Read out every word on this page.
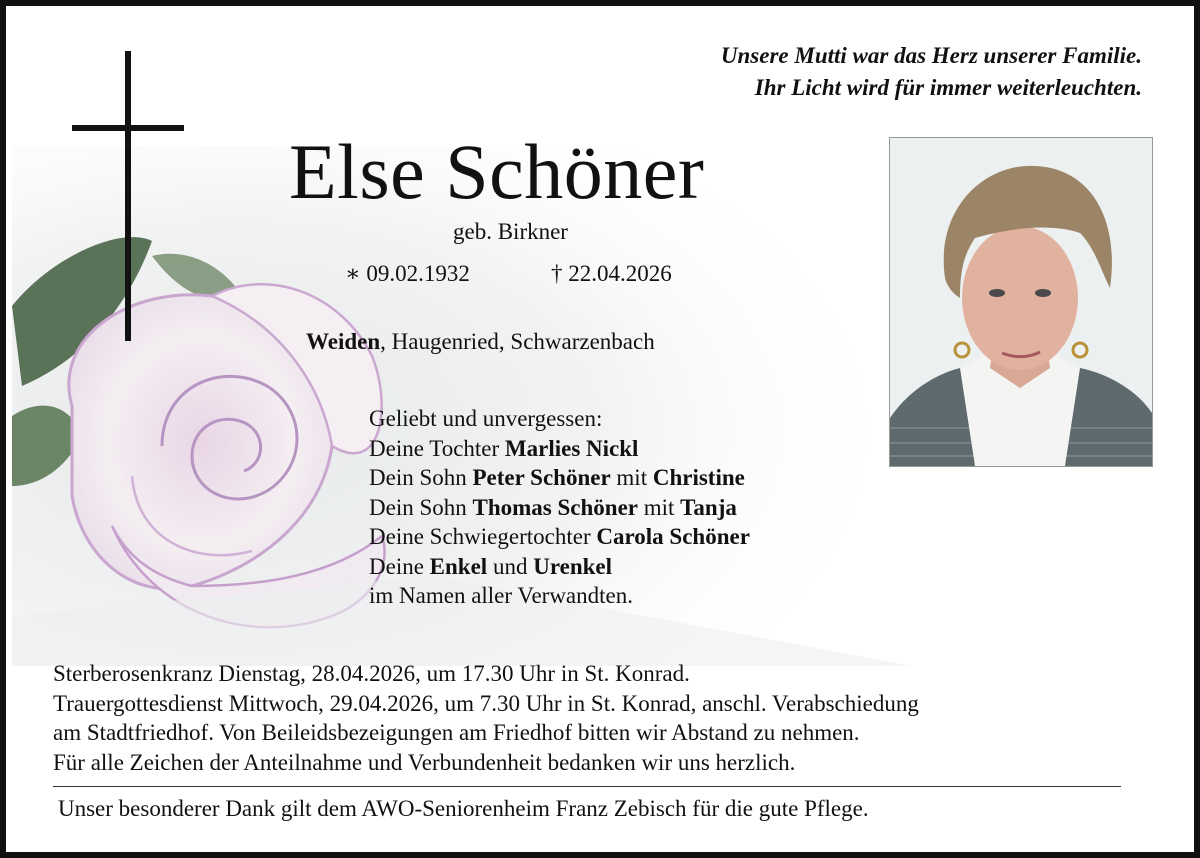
Unsere Mutti war das Herz unserer Familie.
Ihr Licht wird für immer weiterleuchten.
Else Schöner
geb. Birkner
∗ 09.02.1932	† 22.04.2026
Weiden, Haugenried, Schwarzenbach
Geliebt und unvergessen:
Deine Tochter Marlies Nickl
Dein Sohn Peter Schöner mit Christine
Dein Sohn Thomas Schöner mit Tanja
Deine Schwiegertochter Carola Schöner
Deine Enkel und Urenkel
im Namen aller Verwandten.
Sterberosenkranz Dienstag, 28.04.2026, um 17.30 Uhr in St. Konrad.
Trauergottesdienst Mittwoch, 29.04.2026, um 7.30 Uhr in St. Konrad, anschl. Verabschiedung
am Stadtfriedhof. Von Beileidsbezeigungen am Friedhof bitten wir Abstand zu nehmen.
Für alle Zeichen der Anteilnahme und Verbundenheit bedanken wir uns herzlich.
Unser besonderer Dank gilt dem AWO-Seniorenheim Franz Zebisch für die gute Pflege.
